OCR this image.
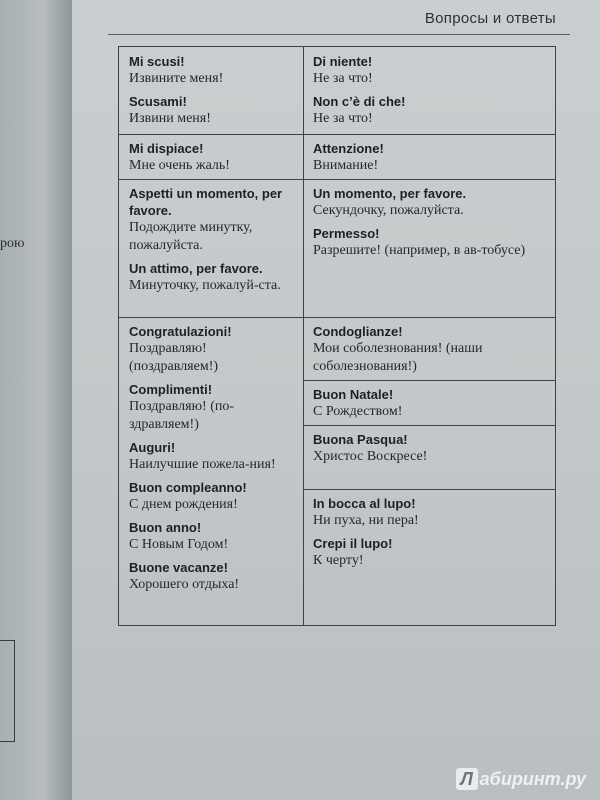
рою
Вопросы и ответы
Mi scusi!
Извините меня!
Scusami!
Извини меня!
Di niente!
Не за что!
Non c’è di che!
Не за что!
Mi dispiace!
Мне очень жаль!
Attenzione!
Внимание!
Aspetti un momento, per favore.
Подождите минутку, пожалуйста.
Un attimo, per favore.
Минуточку, пожалуй-ста.
Un momento, per favore.
Секундочку, пожалуйста.
Permesso!
Разрешите! (например, в ав-тобусе)
Congratulazioni!
Поздравляю! (поздравляем!)
Complimenti!
Поздравляю! (по-здравляем!)
Auguri!
Наилучшие пожела-ния!
Buon compleanno!
С днем рождения!
Buon anno!
С Новым Годом!
Buone vacanze!
Хорошего отдыха!
Condoglianze!
Мои соболезнования! (наши соболезнования!)
Buon Natale!
С Рождеством!
Buona Pasqua!
Христос Воскресе!
In bocca al lupo!
Ни пуха, ни пера!
Crepi il lupo!
К черту!
Л абиринт.ру
